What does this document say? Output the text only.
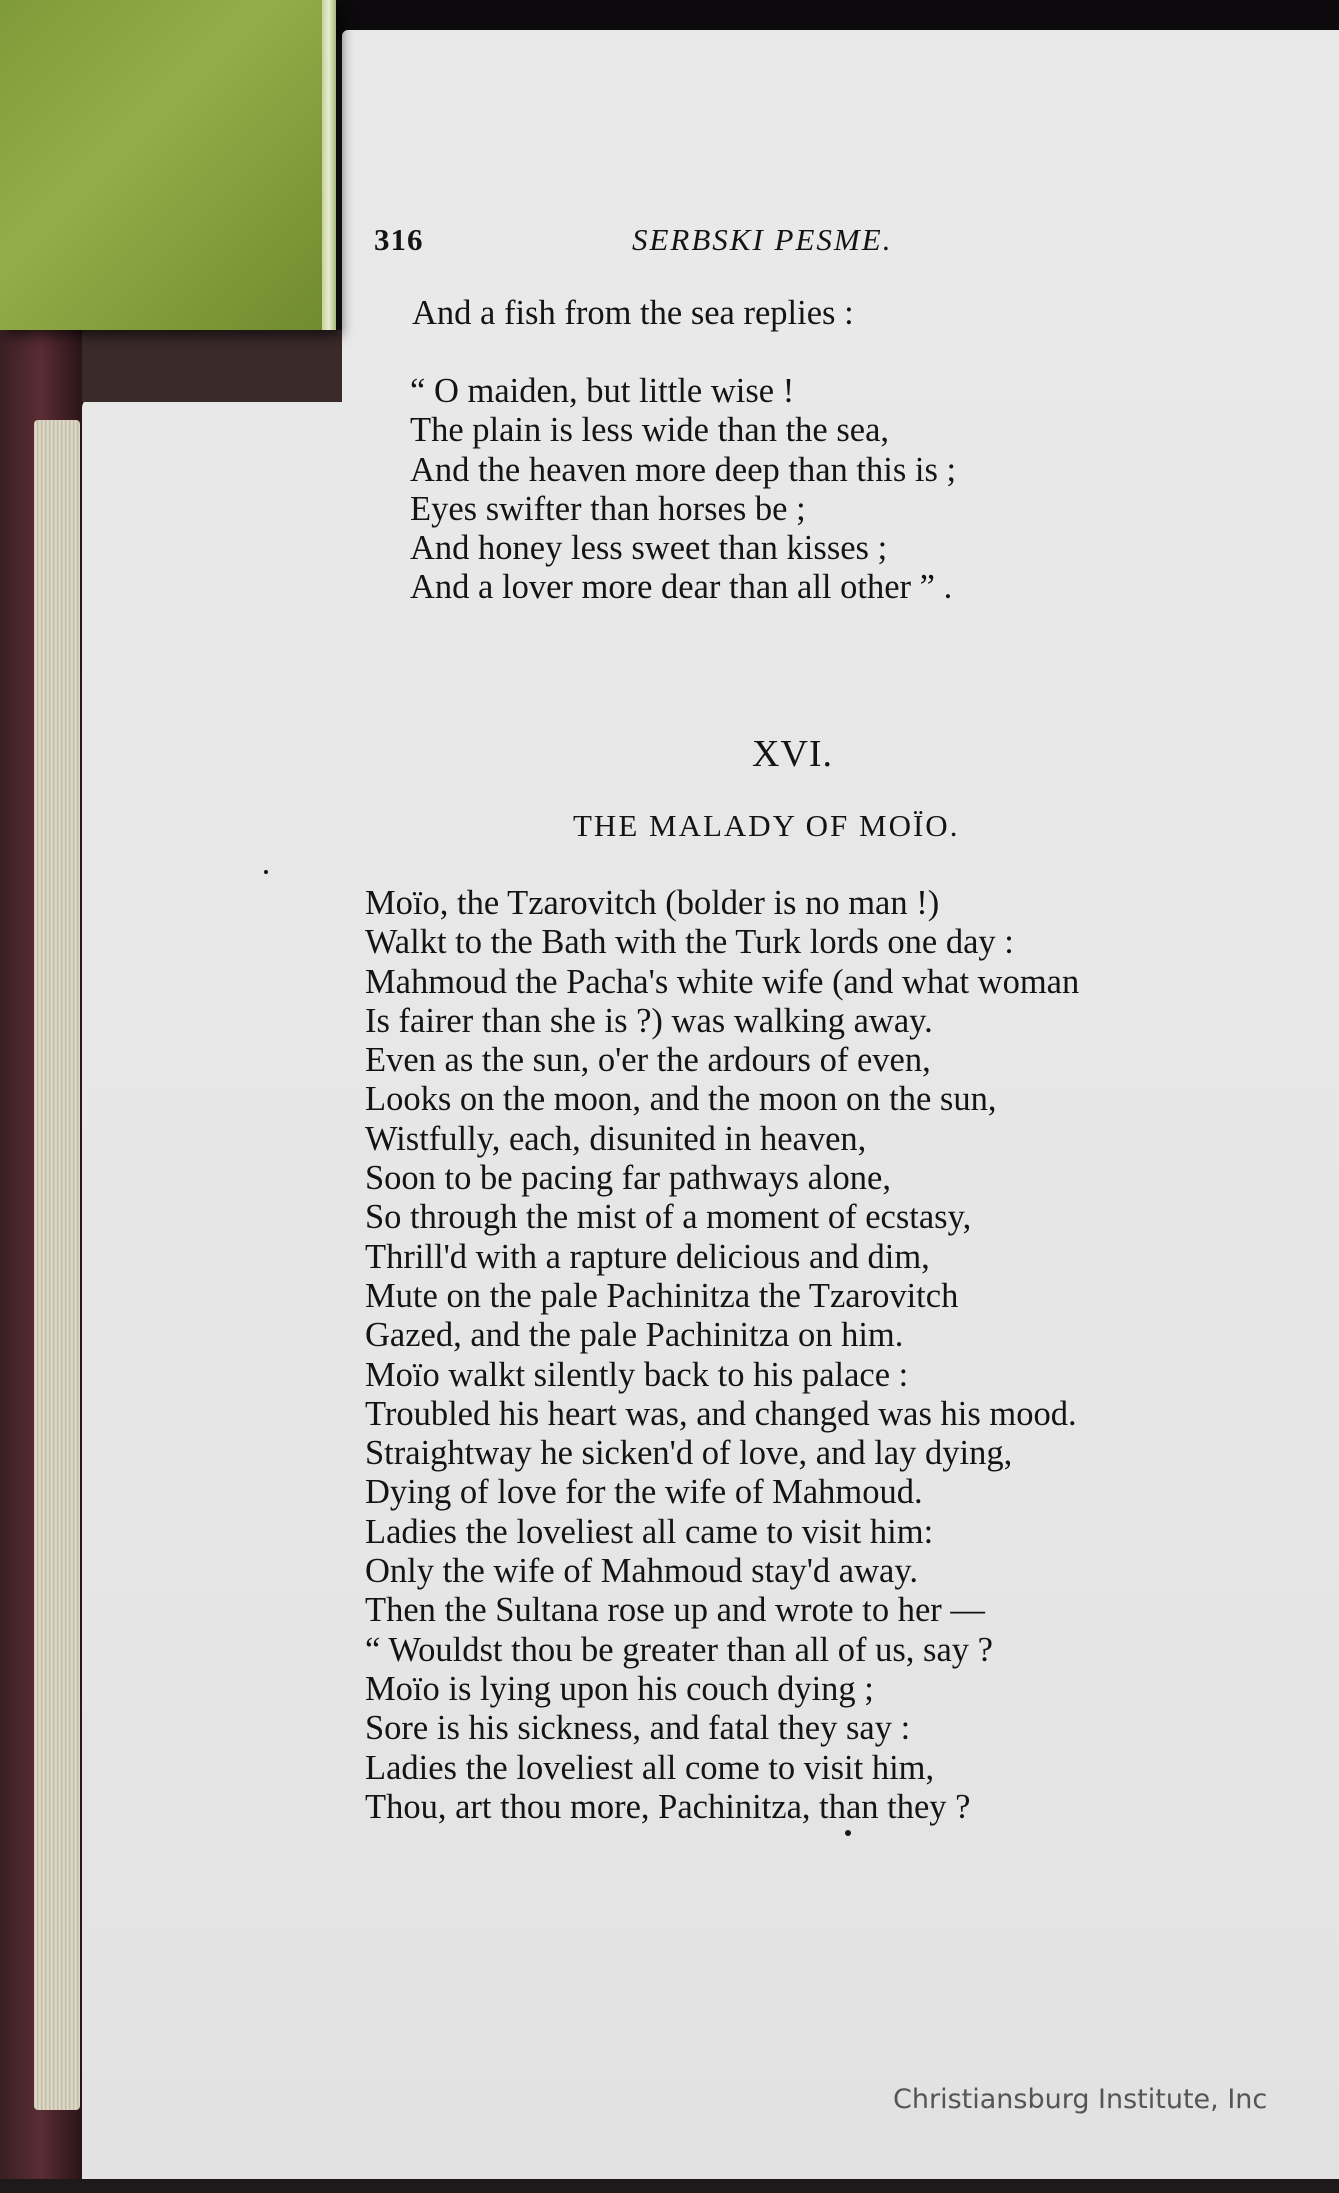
316	SERBSKI PESME.
And a fish from the sea replies :
“ O maiden, but little wise !
The plain is less wide than the sea,
And the heaven more deep than this is ;
Eyes swifter than horses be ;
And honey less sweet than kisses ;
And a lover more dear than all other ” .
XVI.
THE MALADY OF MOÏO.
Moïo, the Tzarovitch (bolder is no man !)
Walkt to the Bath with the Turk lords one day :
Mahmoud the Pacha's white wife (and what woman
Is fairer than she is ?) was walking away.
Even as the sun, o'er the ardours of even,
Looks on the moon, and the moon on the sun,
Wistfully, each, disunited in heaven,
Soon to be pacing far pathways alone,
So through the mist of a moment of ecstasy,
Thrill'd with a rapture delicious and dim,
Mute on the pale Pachinitza the Tzarovitch
Gazed, and the pale Pachinitza on him.
Moïo walkt silently back to his palace :
Troubled his heart was, and changed was his mood.
Straightway he sicken'd of love, and lay dying,
Dying of love for the wife of Mahmoud.
Ladies the loveliest all came to visit him:
Only the wife of Mahmoud stay'd away.
Then the Sultana rose up and wrote to her —
“ Wouldst thou be greater than all of us, say ?
Moïo is lying upon his couch dying ;
Sore is his sickness, and fatal they say :
Ladies the loveliest all come to visit him,
Thou, art thou more, Pachinitza, than they ?
Christiansburg Institute, Inc
